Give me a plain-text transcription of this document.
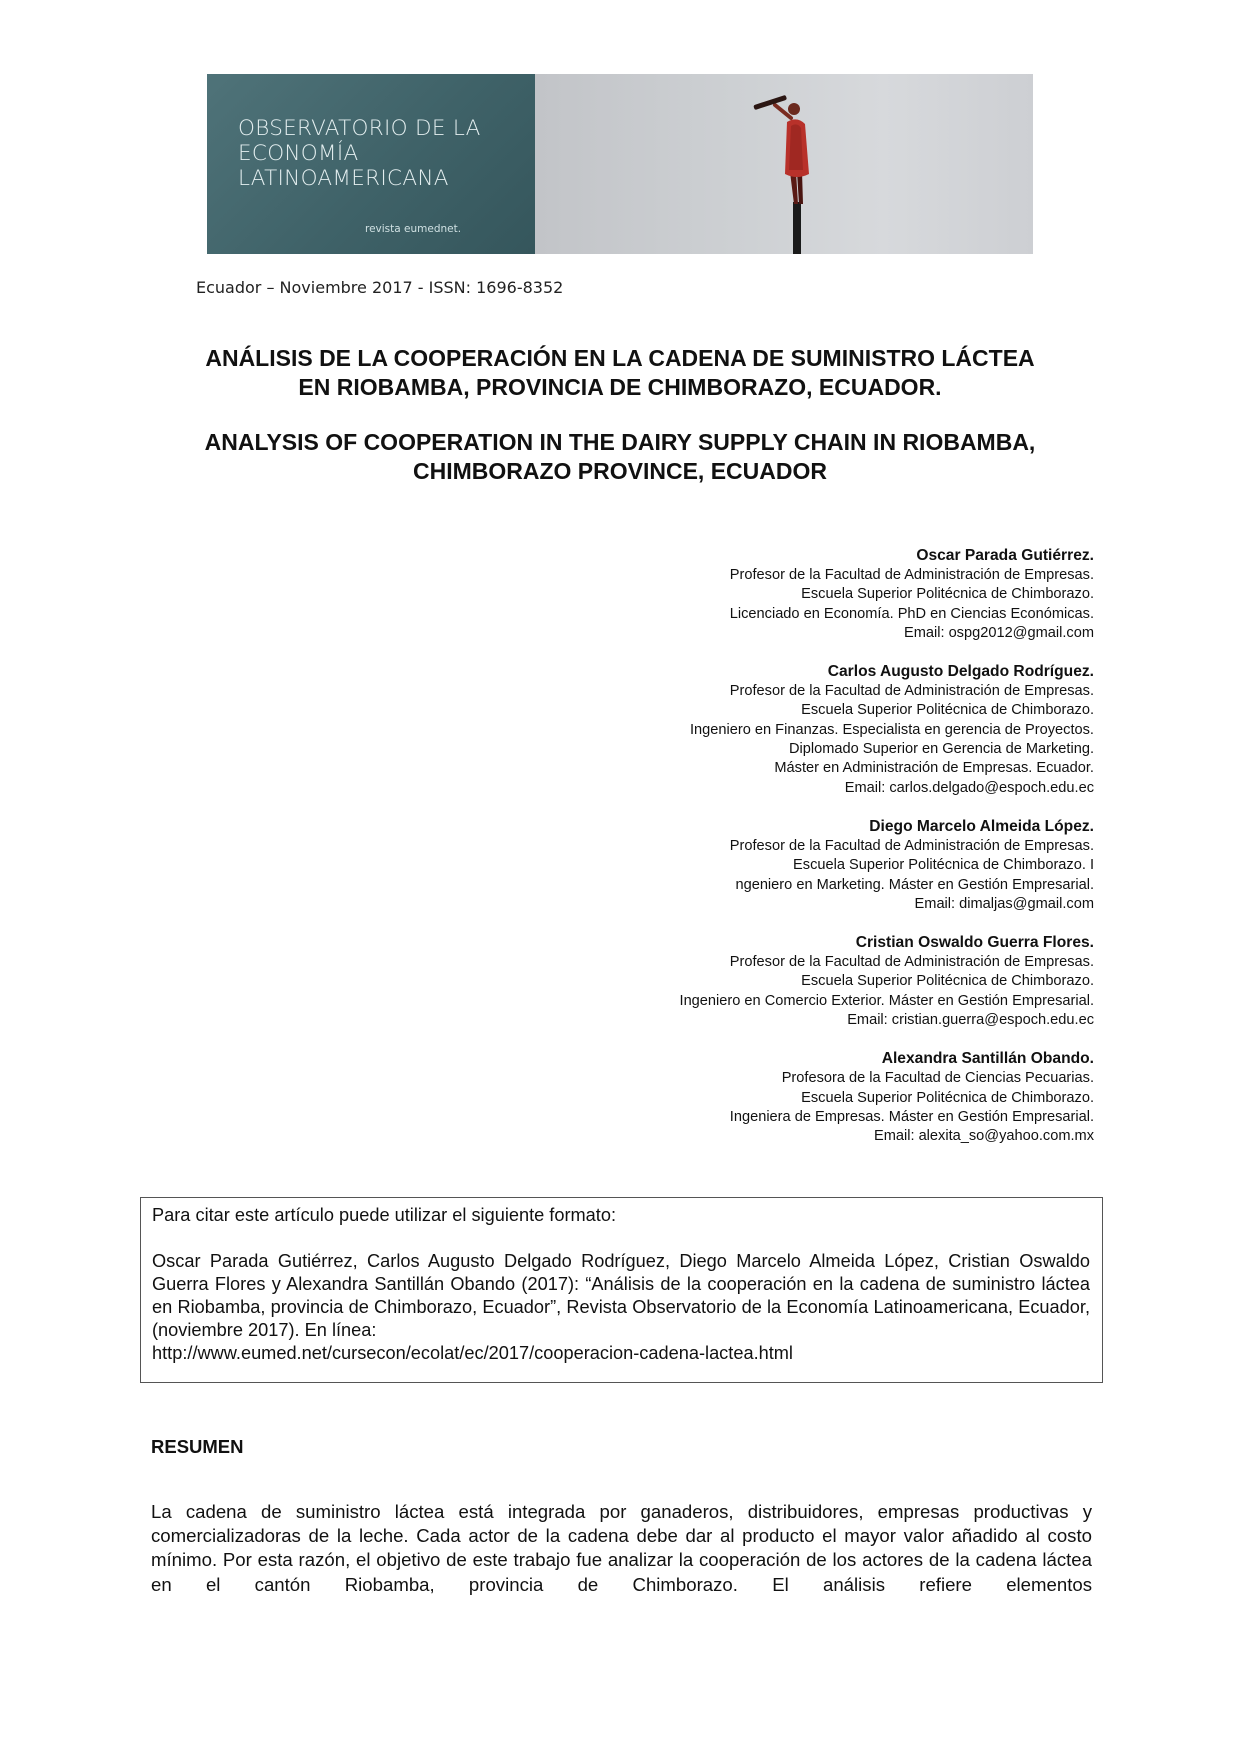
OBSERVATORIO DE LA
ECONOMÍA
LATINOAMERICANA
revista eumednet.
Ecuador – Noviembre 2017 - ISSN: 1696-8352
ANÁLISIS DE LA COOPERACIÓN EN LA CADENA DE SUMINISTRO LÁCTEA
EN RIOBAMBA, PROVINCIA DE CHIMBORAZO, ECUADOR.
ANALYSIS OF COOPERATION IN THE DAIRY SUPPLY CHAIN IN RIOBAMBA,
CHIMBORAZO PROVINCE, ECUADOR
Oscar Parada Gutiérrez.
Profesor de la Facultad de Administración de Empresas.
Escuela Superior Politécnica de Chimborazo.
Licenciado en Economía. PhD en Ciencias Económicas.
Email: ospg2012@gmail.com
Carlos Augusto Delgado Rodríguez.
Profesor de la Facultad de Administración de Empresas.
Escuela Superior Politécnica de Chimborazo.
Ingeniero en Finanzas. Especialista en gerencia de Proyectos.
Diplomado Superior en Gerencia de Marketing.
Máster en Administración de Empresas. Ecuador.
Email: carlos.delgado@espoch.edu.ec
Diego Marcelo Almeida López.
Profesor de la Facultad de Administración de Empresas.
Escuela Superior Politécnica de Chimborazo. I
ngeniero en Marketing. Máster en Gestión Empresarial.
Email: dimaljas@gmail.com
Cristian Oswaldo Guerra Flores.
Profesor de la Facultad de Administración de Empresas.
Escuela Superior Politécnica de Chimborazo.
Ingeniero en Comercio Exterior. Máster en Gestión Empresarial.
Email: cristian.guerra@espoch.edu.ec
Alexandra Santillán Obando.
Profesora de la Facultad de Ciencias Pecuarias.
Escuela Superior Politécnica de Chimborazo.
Ingeniera de Empresas. Máster en Gestión Empresarial.
Email: alexita_so@yahoo.com.mx
Para citar este artículo puede utilizar el siguiente formato:
Oscar Parada Gutiérrez, Carlos Augusto Delgado Rodríguez, Diego Marcelo Almeida López, Cristian Oswaldo Guerra Flores y Alexandra Santillán Obando (2017): “Análisis de la cooperación en la cadena de suministro láctea en Riobamba, provincia de Chimborazo, Ecuador”, Revista Observatorio de la Economía Latinoamericana, Ecuador, (noviembre 2017). En línea:
http://www.eumed.net/cursecon/ecolat/ec/2017/cooperacion-cadena-lactea.html
RESUMEN
La cadena de suministro láctea está integrada por ganaderos, distribuidores, empresas productivas y comercializadoras de la leche. Cada actor de la cadena debe dar al producto el mayor valor añadido al costo mínimo. Por esta razón, el objetivo de este trabajo fue analizar la cooperación de los actores de la cadena láctea en el cantón Riobamba, provincia de Chimborazo. El análisis refiere elementos
